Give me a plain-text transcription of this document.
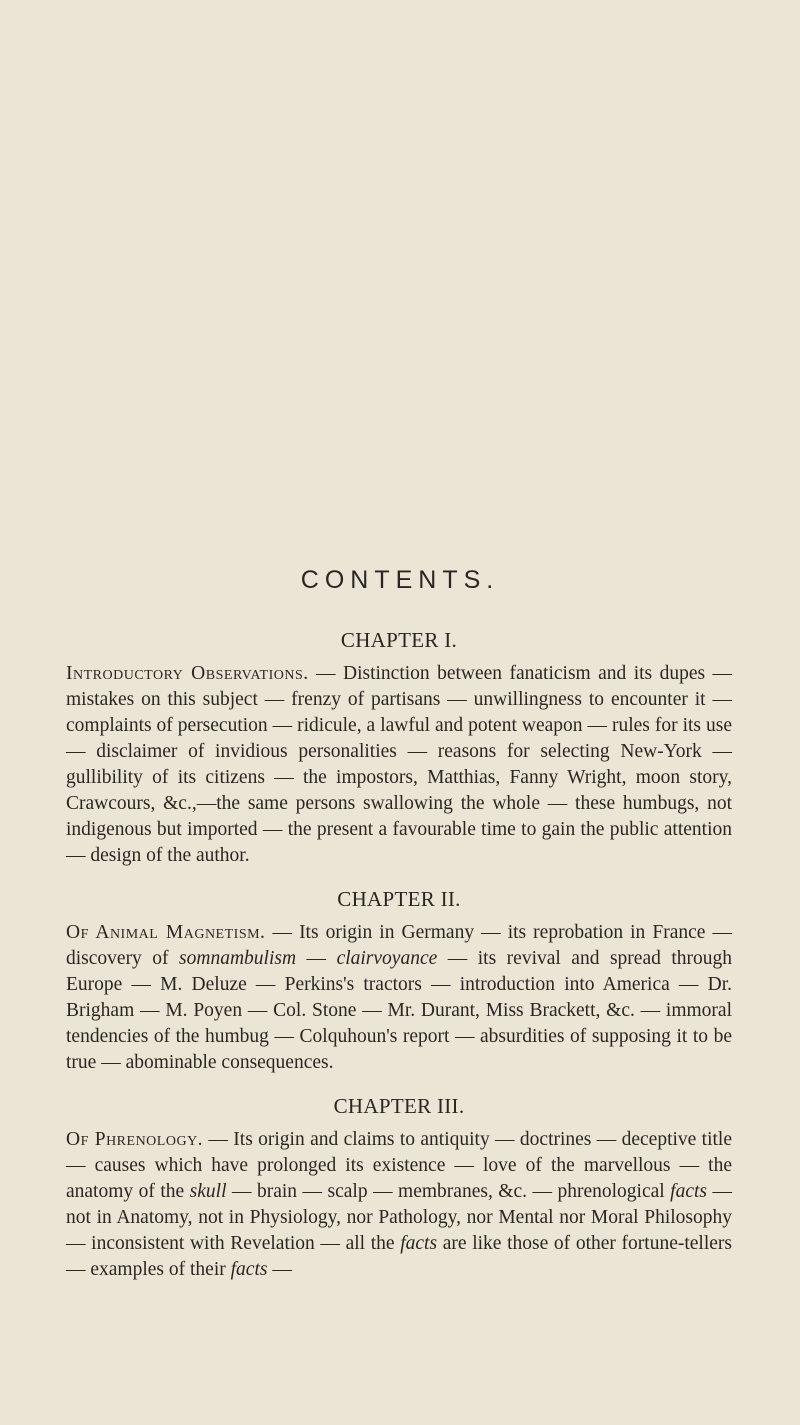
CONTENTS.
CHAPTER I.

Introductory Observations. — Distinction between fanaticism and its dupes — mistakes on this subject — frenzy of partisans — unwillingness to encounter it — complaints of persecution — ridicule, a lawful and potent weapon — rules for its use — disclaimer of invidious personalities — reasons for selecting New-York — gullibility of its citizens — the impostors, Matthias, Fanny Wright, moon story, Crawcours, &c.,—the same persons swallowing the whole — these humbugs, not indigenous but imported — the present a favourable time to gain the public attention — design of the author.

CHAPTER II.

Of Animal Magnetism. — Its origin in Germany — its reprobation in France — discovery of somnambulism — clairvoyance — its revival and spread through Europe — M. Deluze — Perkins's tractors — introduction into America — Dr. Brigham — M. Poyen — Col. Stone — Mr. Durant, Miss Brackett, &c. — immoral tendencies of the humbug — Colquhoun's report — absurdities of supposing it to be true — abominable consequences.

CHAPTER III.

Of Phrenology. — Its origin and claims to antiquity — doctrines — deceptive title — causes which have prolonged its existence — love of the marvellous — the anatomy of the skull — brain — scalp — membranes, &c. — phrenological facts — not in Anatomy, not in Physiology, nor Pathology, nor Mental nor Moral Philosophy — inconsistent with Revelation — all the facts are like those of other fortune-tellers — examples of their facts —
